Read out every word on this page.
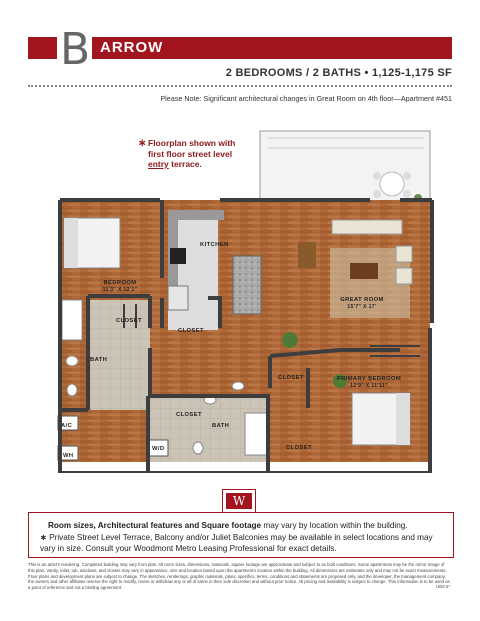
B ARROW
2 BEDROOMS / 2 BATHS • 1,125-1,175 SF
Please Note: Significant architectural changes in Great Room on 4th floor—Apartment #451
∗ Floorplan shown with
first floor street level
entry terrace.
KITCHEN
BEDROOM
11'3" X 12'1"
GREAT ROOM
15'7" X 17'
CLOSET
CLOSET
CLOSET
CLOSET
CLOSET
BATH
BATH
PRIMARY BEDROOM
12'9" X 11'11"
A/C
WH
W/D
W
Room sizes, Architectural features and Square footage may vary by location within the building.
∗ Private Street Level Terrace, Balcony and/or Juliet Balconies may be available in select locations and may vary in size. Consult your Woodmont Metro Leasing Professional for exact details.
This is an artist's rendering. Completed building may vary from plan. All room sizes, dimensions, materials, square footage are approximate and subject to as built conditions. Some apartments may be the mirror image of this plan. Vanity, toilet, tub, windows, and closets may vary in appearance, size and location based upon the apartment's location within the building. All dimensions are estimates only and may not be exact measurements. Floor plans and development plans are subject to change. The sketches, renderings, graphic materials, plans, specifics, terms, conditions and statements are proposed only, and the developer, the management company, the owners and other affiliates reserve the right to modify, revise or withdraw any or all of same in their sole discretion and without prior notice. All pricing and availability is subject to change. This information is to be used as a point of reference and not a binding agreement.	UB3-2*
